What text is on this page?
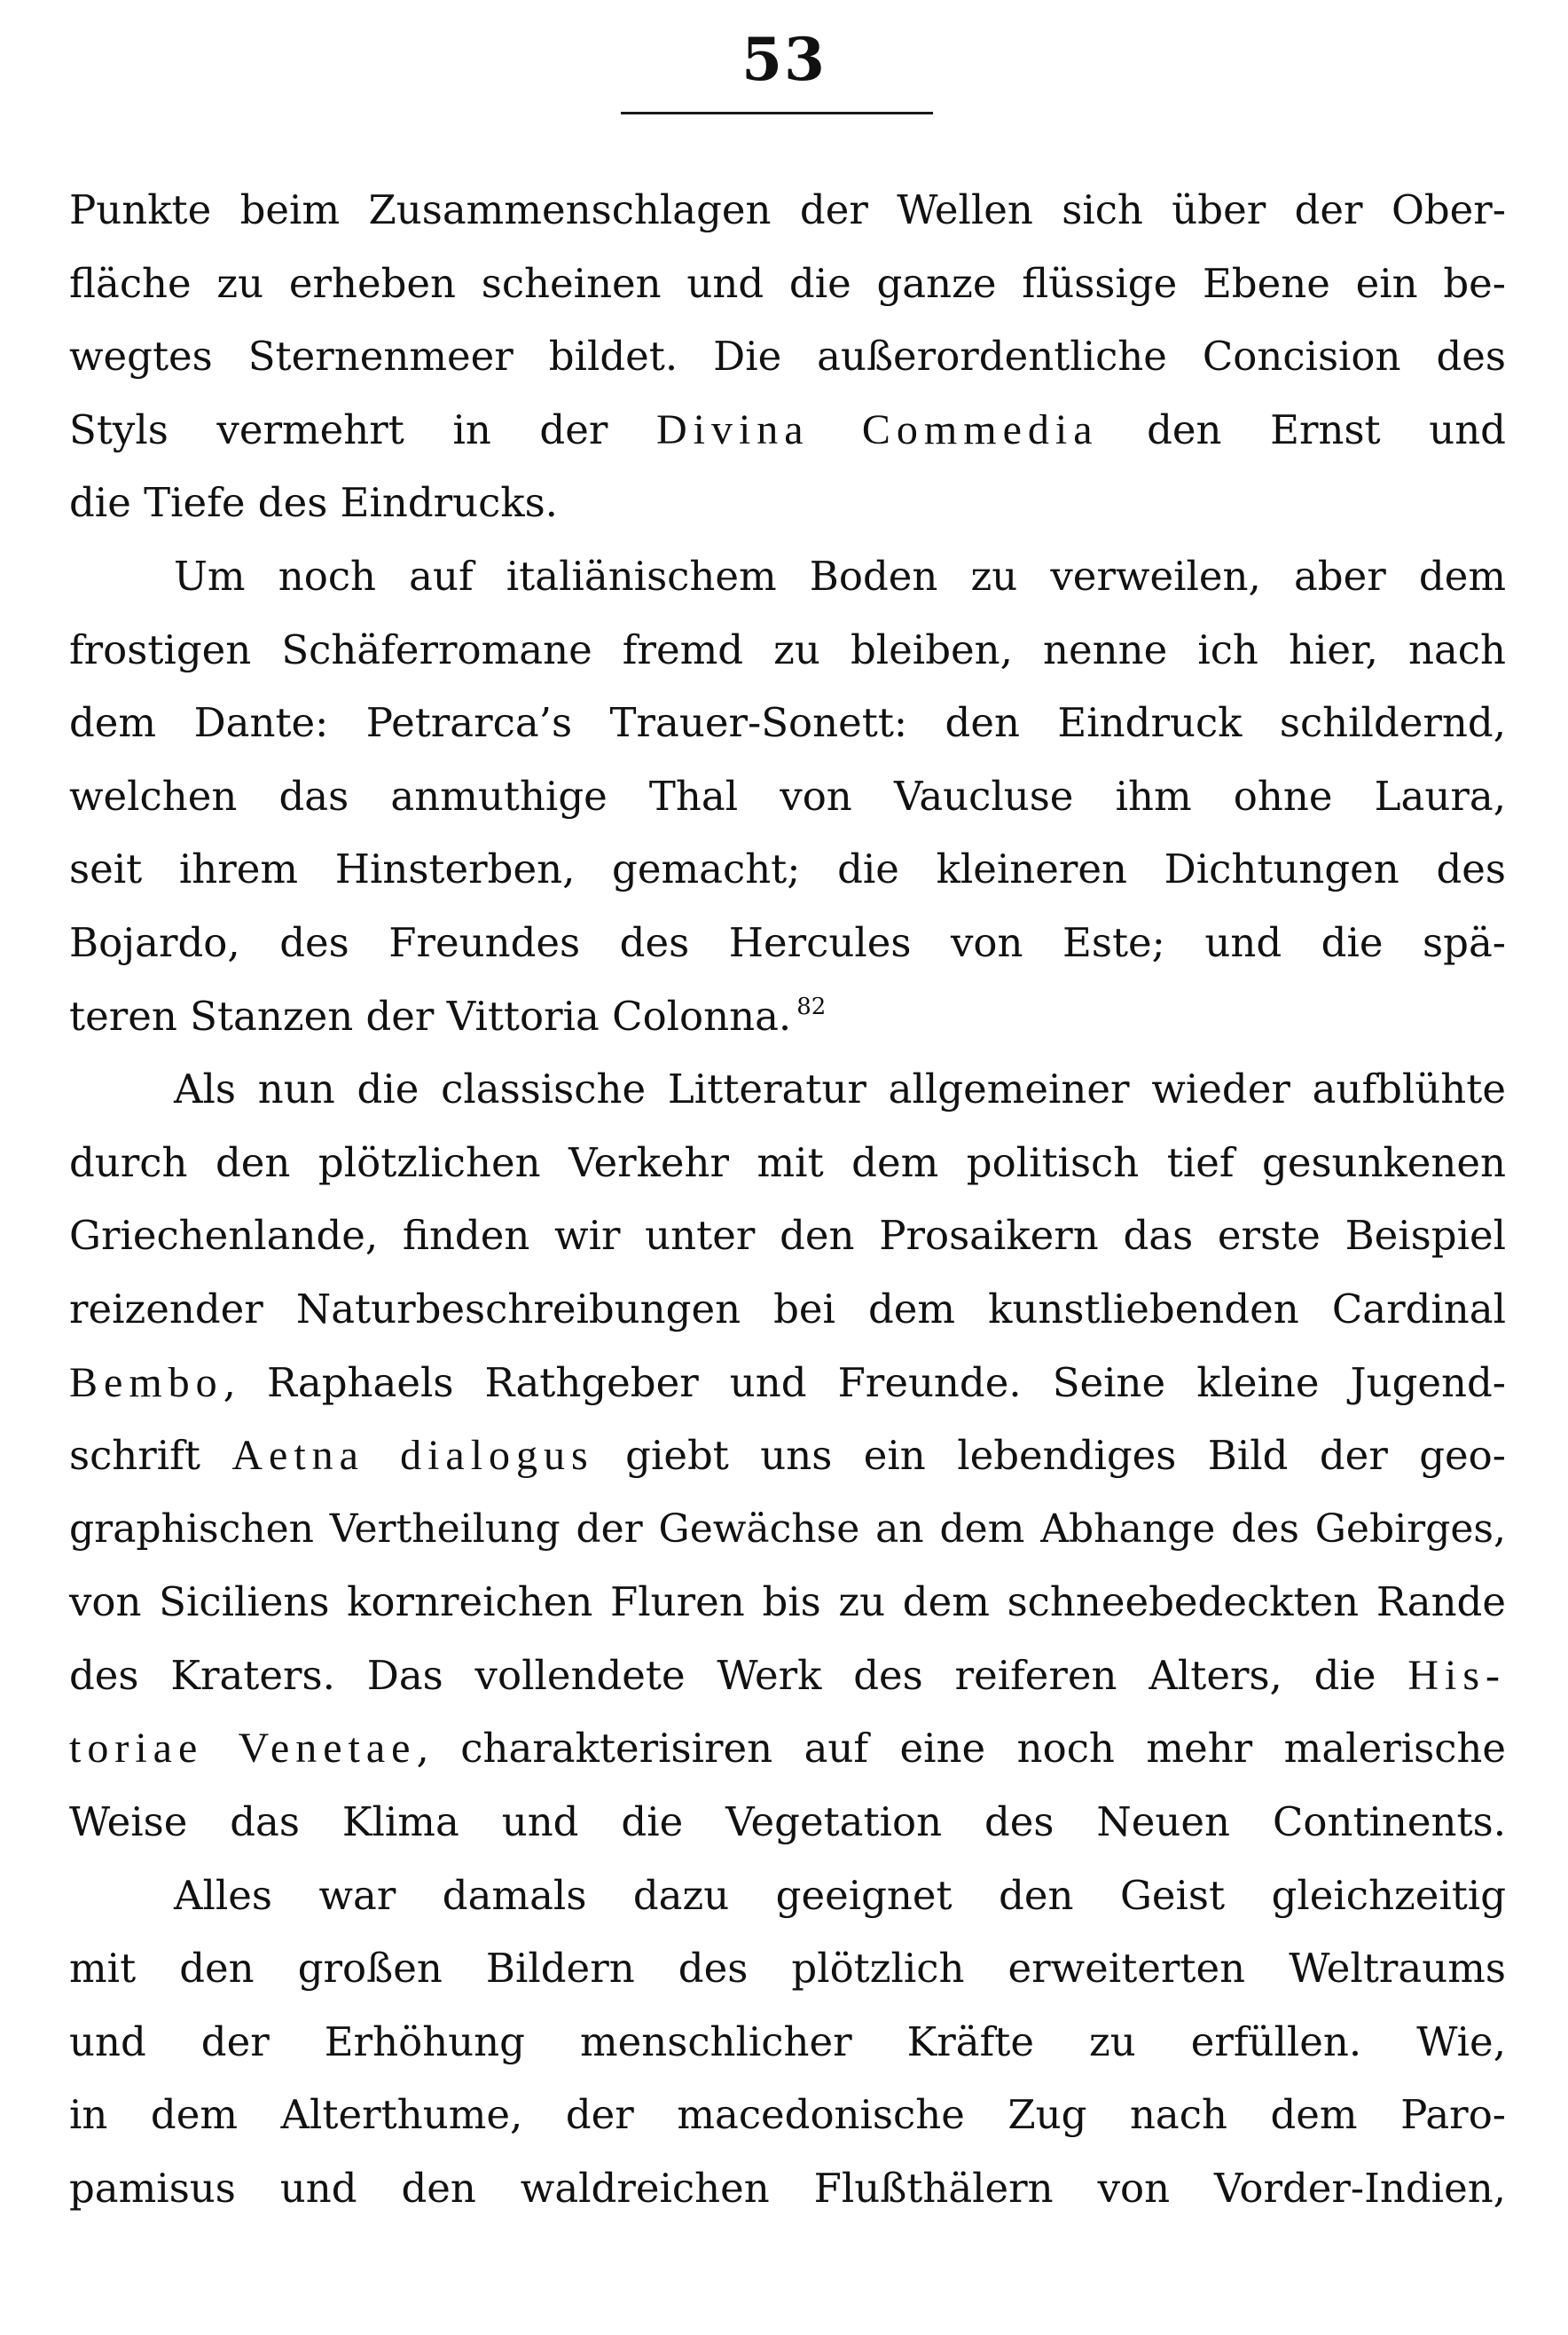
53
Punkte beim Zusammenschlagen der Wellen sich über der Ober-
fläche zu erheben scheinen und die ganze flüssige Ebene ein be-
wegtes Sternenmeer bildet. Die außerordentliche Concision des
Styls vermehrt in der Divina Commedia den Ernst und
die Tiefe des Eindrucks.
Um noch auf italiänischem Boden zu verweilen, aber dem
frostigen Schäferromane fremd zu bleiben, nenne ich hier, nach
dem Dante: Petrarca’s Trauer-Sonett: den Eindruck schildernd,
welchen das anmuthige Thal von Vaucluse ihm ohne Laura,
seit ihrem Hinsterben, gemacht; die kleineren Dichtungen des
Bojardo, des Freundes des Hercules von Este; und die spä-
teren Stanzen der Vittoria Colonna. $^{82}$
Als nun die classische Litteratur allgemeiner wieder aufblühte
durch den plötzlichen Verkehr mit dem politisch tief gesunkenen
Griechenlande, finden wir unter den Prosaikern das erste Beispiel
reizender Naturbeschreibungen bei dem kunstliebenden Cardinal
Bembo, Raphaels Rathgeber und Freunde. Seine kleine Jugend-
schrift Aetna dialogus giebt uns ein lebendiges Bild der geo-
graphischen Vertheilung der Gewächse an dem Abhange des Gebirges,
von Siciliens kornreichen Fluren bis zu dem schneebedeckten Rande
des Kraters. Das vollendete Werk des reiferen Alters, die His-
toriae Venetae, charakterisiren auf eine noch mehr malerische
Weise das Klima und die Vegetation des Neuen Continents.
Alles war damals dazu geeignet den Geist gleichzeitig
mit den großen Bildern des plötzlich erweiterten Weltraums
und der Erhöhung menschlicher Kräfte zu erfüllen. Wie,
in dem Alterthume, der macedonische Zug nach dem Paro-
pamisus und den waldreichen Flußthälern von Vorder-Indien,
